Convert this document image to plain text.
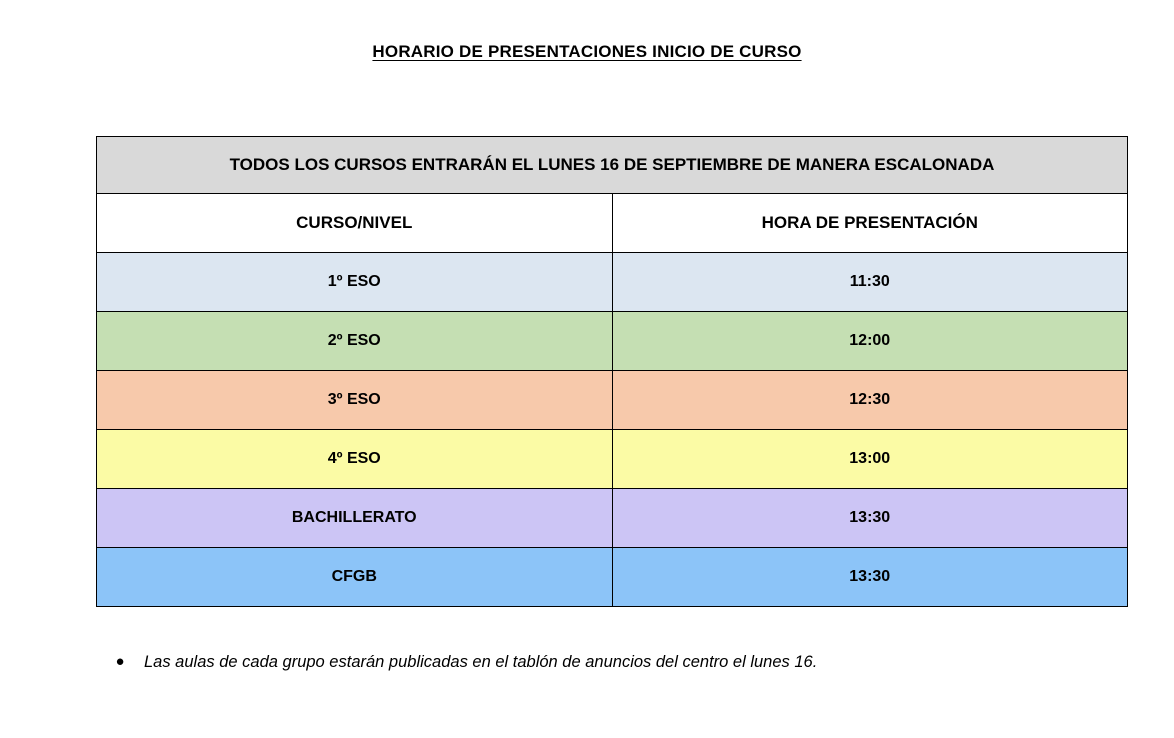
HORARIO DE PRESENTACIONES INICIO DE CURSO
TODOS LOS CURSOS ENTRARÁN EL LUNES 16 DE SEPTIEMBRE DE MANERA ESCALONADA	
CURSO/NIVEL	HORA DE PRESENTACIÓN
1º ESO	11:30
2º ESO	12:00
3º ESO	12:30
4º ESO	13:00
BACHILLERATO	13:30
CFGB	13:30
●	Las aulas de cada grupo estarán publicadas en el tablón de anuncios del centro el lunes 16.
